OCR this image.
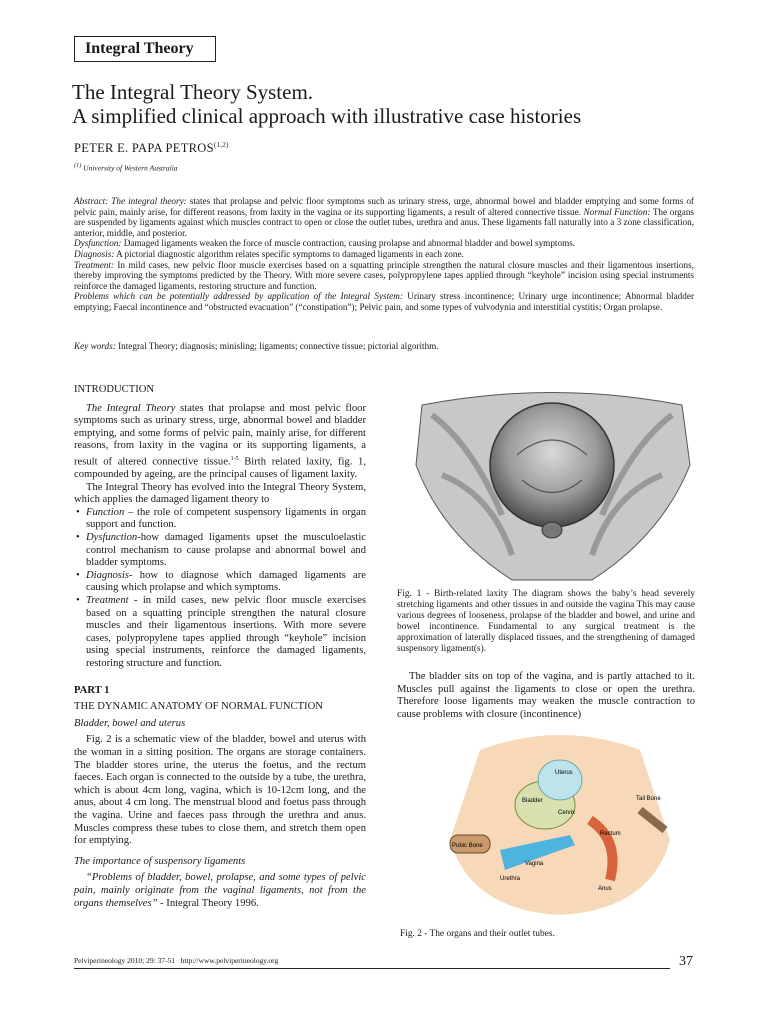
Integral Theory
The Integral Theory System.
A simplified clinical approach with illustrative case histories
PETER E. PAPA PETROS$^{(1,2)}$
$^{(1)}$ University of Western Australia

Abstract: The integral theory: states that prolapse and pelvic floor symptoms such as urinary stress, urge, abnormal bowel and bladder emptying and some forms of pelvic pain, mainly arise, for different reasons, from laxity in the vagina or its supporting ligaments, a result of altered connective tissue. Normal Function: The organs are suspended by ligaments against which muscles contract to open or close the outlet tubes, urethra and anus. These ligaments fall naturally into a 3 zone classification, anterior, middle, and posterior.

Dysfunction: Damaged ligaments weaken the force of muscle contraction, causing prolapse and abnormal bladder and bowel symptoms.

Diagnosis: A pictorial diagnostic algorithm relates specific symptoms to damaged ligaments in each zone.

Treatment: In mild cases, new pelvic floor muscle exercises based on a squatting principle strengthen the natural closure muscles and their ligamentous insertions, thereby improving the symptoms predicted by the Theory. With more severe cases, polypropylene tapes applied through “keyhole” incision using special instruments reinforce the damaged ligaments, restoring structure and function.

Problems which can be potentially addressed by application of the Integral System: Urinary stress incontinence; Urinary urge incontinence; Abnormal bladder emptying; Faecal incontinence and “obstructed evacuation” (“constipation”); Pelvic pain, and some types of vulvodynia and interstitial cystitis; Organ prolapse.

Key words: Integral Theory; diagnosis; minisling; ligaments; connective tissue; pictorial algorithm.

INTRODUCTION

The Integral Theory states that prolapse and most pelvic floor symptoms such as urinary stress, urge, abnormal bowel and bladder emptying, and some forms of pelvic pain, mainly arise, for different reasons, from laxity in the vagina or its supporting ligaments, a result of altered connective tissue.$^{1-5}$ Birth related laxity, fig. 1, compounded by ageing, are the principal causes of ligament laxity.

The Integral Theory has evolved into the Integral Theory System, which applies the damaged ligament theory to

• Function – the role of competent suspensory ligaments in organ support and function.
• Dysfunction-how damaged ligaments upset the musculoelastic control mechanism to cause prolapse and abnormal bowel and bladder symptoms.
• Diagnosis- how to diagnose which damaged ligaments are causing which prolapse and which symptoms.
• Treatment - in mild cases, new pelvic floor muscle exercises based on a squatting principle strengthen the natural closure muscles and their ligamentous insertions. With more severe cases, polypropylene tapes applied through “keyhole” incision using special instruments, reinforce the damaged ligaments, restoring structure and function.

PART 1

THE DYNAMIC ANATOMY OF NORMAL FUNCTION

Bladder, bowel and uterus

Fig. 2 is a schematic view of the bladder, bowel and uterus with the woman in a sitting position. The organs are storage containers. The bladder stores urine, the uterus the foetus, and the rectum faeces. Each organ is connected to the outside by a tube, the urethra, which is about 4cm long, vagina, which is 10-12cm long, and the anus, about 4 cm long. The menstrual blood and foetus pass through the vagina. Urine and faeces pass through the urethra and anus. Muscles compress these tubes to close them, and stretch them open for emptying.

The importance of suspensory ligaments

“Problems of bladder, bowel, prolapse, and some types of pelvic pain, mainly originate from the vaginal ligaments, not from the organs themselves” - Integral Theory 1996.

Fig. 1 - Birth-related laxity The diagram shows the baby’s head severely stretching ligaments and other tissues in and outside the vagina This may cause various degrees of looseness, prolapse of the bladder and bowel, and urine and bowel incontinence. Fundamental to any surgical treatment is the approximation of laterally displaced tissues, and the strengthening of damaged suspensory ligament(s).

The bladder sits on top of the vagina, and is partly attached to it. Muscles pull against the ligaments to close or open the urethra. Therefore loose ligaments may weaken the muscle contraction to cause problems with closure (incontinence)

Uterus
Bladder
Cervix
Tail Bone
Rectum
Pubic Bone
Vagina
Anus
Urethra
Fig. 2 - The organs and their outlet tubes.
Pelviperineology 2010; 29: 37-51 http://www.pelviperineology.org	37
